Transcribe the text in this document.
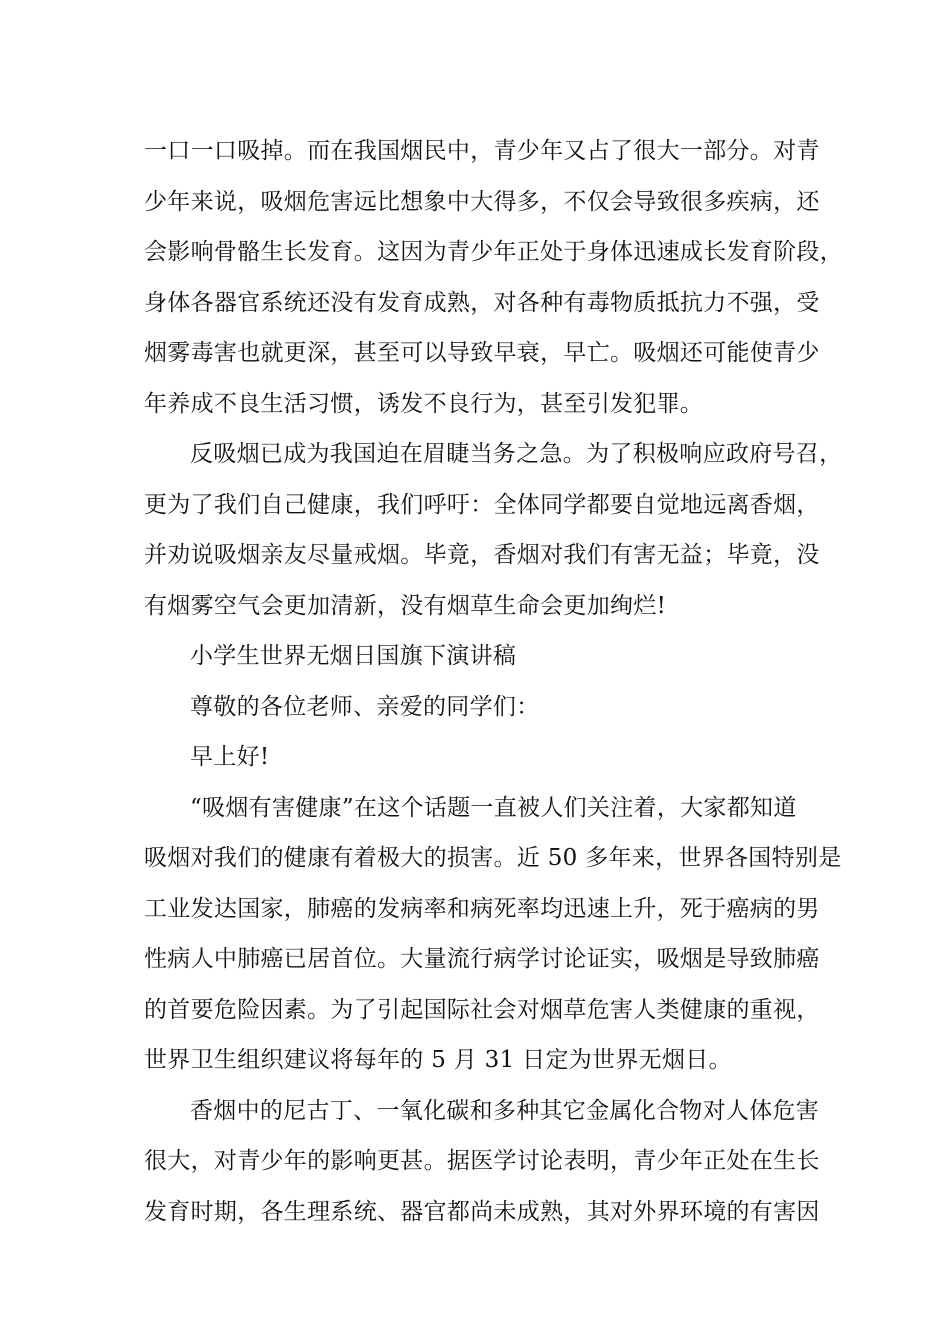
一口一口吸掉。而在我国烟民中，青少年又占了很大一部分。对青

少年来说，吸烟危害远比想象中大得多，不仅会导致很多疾病，还

会影响骨骼生长发育。这因为青少年正处于身体迅速成长发育阶段，

身体各器官系统还没有发育成熟，对各种有毒物质抵抗力不强，受

烟雾毒害也就更深，甚至可以导致早衰，早亡。吸烟还可能使青少

年养成不良生活习惯，诱发不良行为，甚至引发犯罪。

反吸烟已成为我国迫在眉睫当务之急。为了积极响应政府号召，

更为了我们自己健康，我们呼吁：全体同学都要自觉地远离香烟，

并劝说吸烟亲友尽量戒烟。毕竟，香烟对我们有害无益；毕竟，没

有烟雾空气会更加清新，没有烟草生命会更加绚烂!

小学生世界无烟日国旗下演讲稿

尊敬的各位老师、亲爱的同学们：

早上好!

“吸烟有害健康”在这个话题一直被人们关注着，大家都知道

吸烟对我们的健康有着极大的损害。近 50 多年来，世界各国特别是

工业发达国家，肺癌的发病率和病死率均迅速上升，死于癌病的男

性病人中肺癌已居首位。大量流行病学讨论证实，吸烟是导致肺癌

的首要危险因素。为了引起国际社会对烟草危害人类健康的重视，

世界卫生组织建议将每年的 5 月 31 日定为世界无烟日。

香烟中的尼古丁、一氧化碳和多种其它金属化合物对人体危害

很大，对青少年的影响更甚。据医学讨论表明，青少年正处在生长

发育时期，各生理系统、器官都尚未成熟，其对外界环境的有害因
